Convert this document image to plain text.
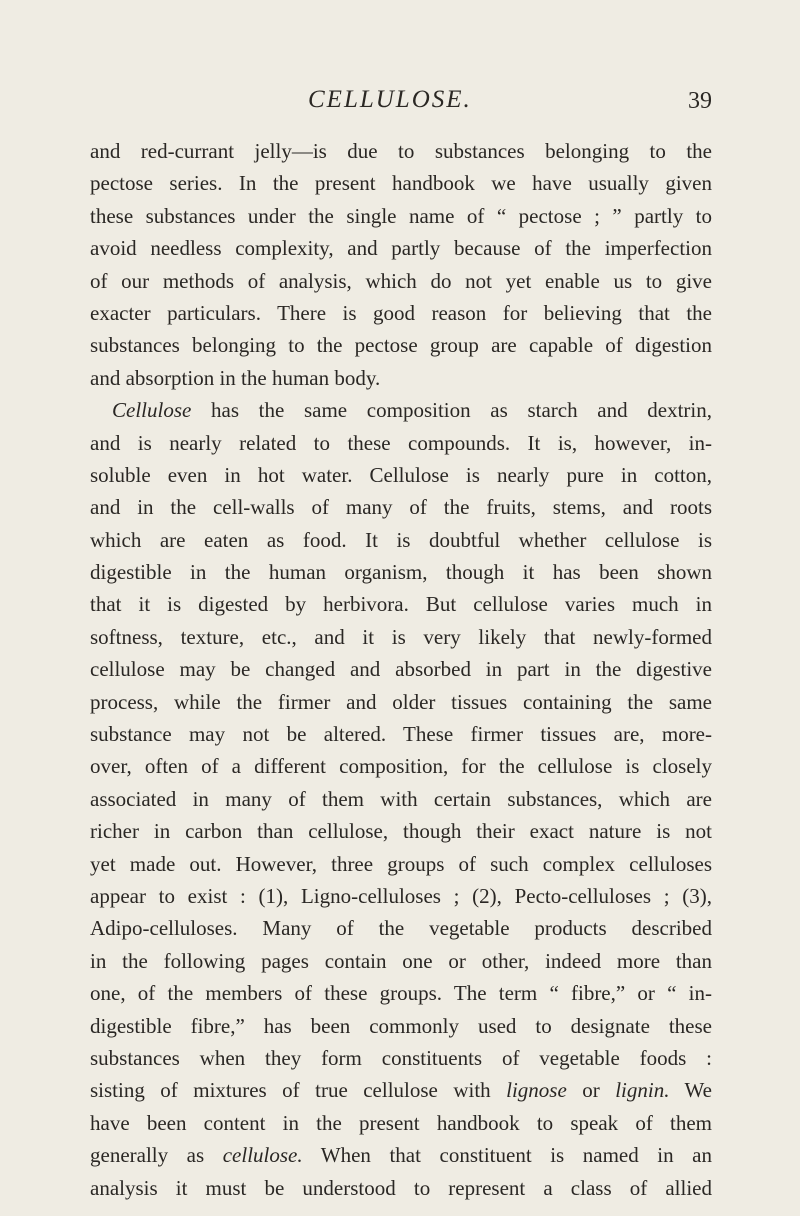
CELLULOSE.	39
and red-currant jelly—is due to substances belonging to the
pectose series. In the present handbook we have usually given
these substances under the single name of “ pectose ; ” partly to
avoid needless complexity, and partly because of the imperfection
of our methods of analysis, which do not yet enable us to give
exacter particulars. There is good reason for believing that the
substances belonging to the pectose group are capable of digestion
and absorption in the human body.
Cellulose has the same composition as starch and dextrin,
and is nearly related to these compounds. It is, however, in-
soluble even in hot water. Cellulose is nearly pure in cotton,
and in the cell-walls of many of the fruits, stems, and roots
which are eaten as food. It is doubtful whether cellulose is
digestible in the human organism, though it has been shown
that it is digested by herbivora. But cellulose varies much in
softness, texture, etc., and it is very likely that newly-formed
cellulose may be changed and absorbed in part in the digestive
process, while the firmer and older tissues containing the same
substance may not be altered. These firmer tissues are, more-
over, often of a different composition, for the cellulose is closely
associated in many of them with certain substances, which are
richer in carbon than cellulose, though their exact nature is not
yet made out. However, three groups of such complex celluloses
appear to exist : (1), Ligno-celluloses ; (2), Pecto-celluloses ; (3),
Adipo-celluloses. Many of the vegetable products described
in the following pages contain one or other, indeed more than
one, of the members of these groups. The term “ fibre,” or “ in-
digestible fibre,” has been commonly used to designate these
substances when they form constituents of vegetable foods :
sisting of mixtures of true cellulose with lignose or lignin. We
have been content in the present handbook to speak of them
generally as cellulose. When that constituent is named in an
analysis it must be understood to represent a class of allied
